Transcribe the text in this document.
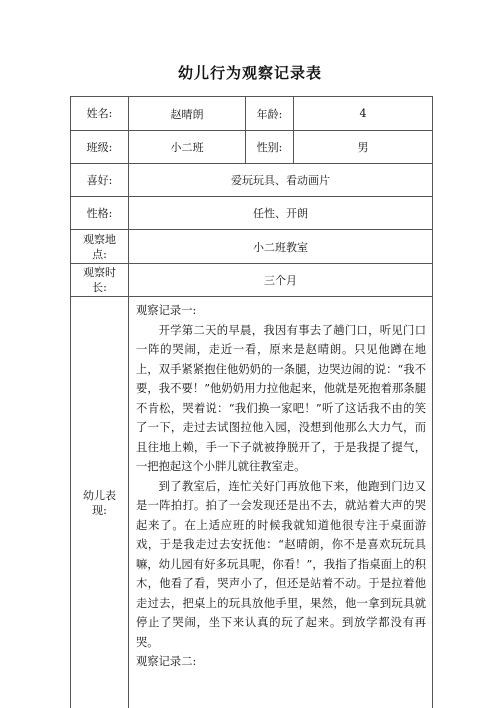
幼儿行为观察记录表
姓名:	赵晴朗	年龄:	4
班级:	小二班	性别:	男
喜好:	爱玩玩具、看动画片
性格:	任性、开朗
观察地点:
小二班教室
观察时长:
三个月
幼儿表现:

观察记录一:

开学第二天的早晨，我因有事去了趟门口，听见门口一阵的哭闹，走近一看，原来是赵晴朗。只见他蹲在地上，双手紧紧抱住他奶奶的一条腿，边哭边闹的说：“我不要，我不要！”他奶奶用力拉他起来，他就是死抱着那条腿不肯松，哭着说：“我们换一家吧！”听了这话我不由的笑了一下，走过去试图拉他入园，没想到他那么大力气，而且往地上赖，手一下子就被挣脱开了，于是我提了提气，一把抱起这个小胖儿就往教室走。

到了教室后，连忙关好门再放他下来，他跑到门边又是一阵拍打。拍了一会发现还是出不去，就站着大声的哭起来了。在上适应班的时候我就知道他很专注于桌面游戏，于是我走过去安抚他：“赵晴朗，你不是喜欢玩玩具嘛，幼儿园有好多玩具呢，你看！”，我指了指桌面上的积木，他看了看，哭声小了，但还是站着不动。于是拉着他走过去，把桌上的玩具放他手里，果然，他一拿到玩具就停止了哭闹，坐下来认真的玩了起来。到放学都没有再哭。

观察记录二:
